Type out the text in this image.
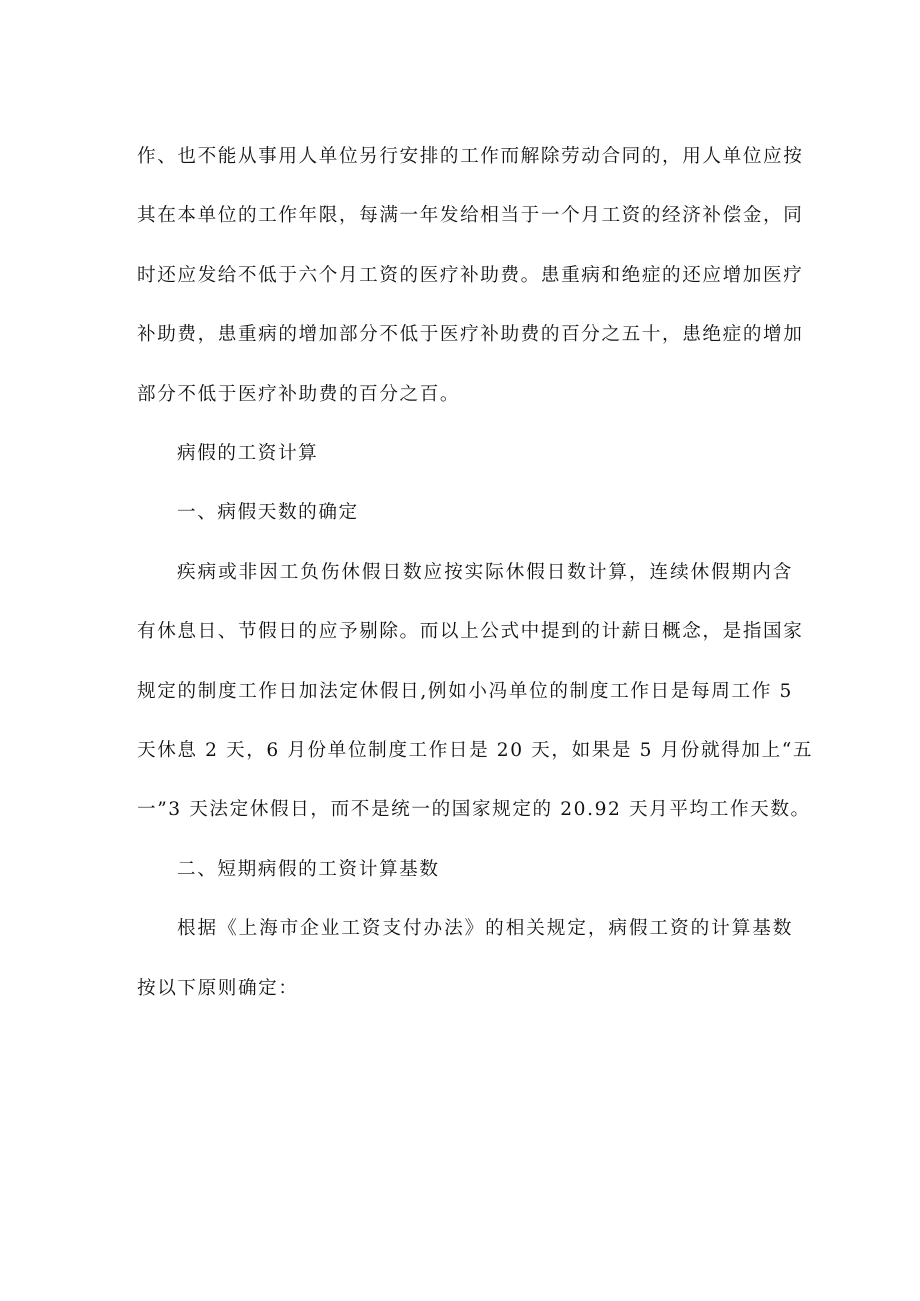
作、也不能从事用人单位另行安排的工作而解除劳动合同的，用人单位应按
其在本单位的工作年限，每满一年发给相当于一个月工资的经济补偿金，同
时还应发给不低于六个月工资的医疗补助费。患重病和绝症的还应增加医疗
补助费，患重病的增加部分不低于医疗补助费的百分之五十，患绝症的增加
部分不低于医疗补助费的百分之百。

病假的工资计算

一、病假天数的确定

疾病或非因工负伤休假日数应按实际休假日数计算，连续休假期内含
有休息日、节假日的应予剔除。而以上公式中提到的计薪日概念，是指国家
规定的制度工作日加法定休假日,例如小冯单位的制度工作日是每周工作 5
天休息 2 天，6 月份单位制度工作日是 20 天，如果是 5 月份就得加上“五
一”3 天法定休假日，而不是统一的国家规定的 20.92 天月平均工作天数。

二、短期病假的工资计算基数

根据《上海市企业工资支付办法》的相关规定，病假工资的计算基数
按以下原则确定：
